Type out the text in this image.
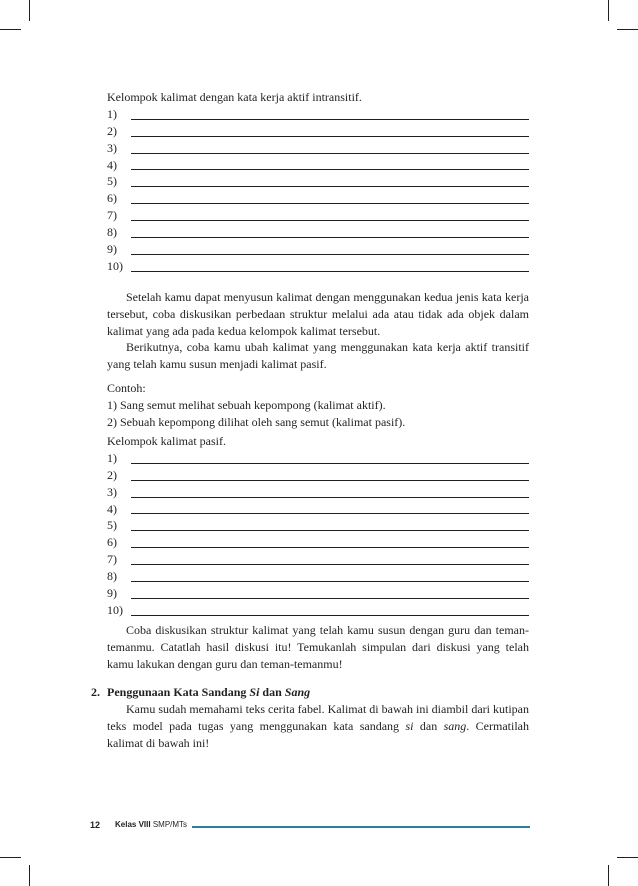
Kelompok kalimat dengan kata kerja aktif intransitif.
1)
2)
3)
4)
5)
6)
7)
8)
9)
10)

Setelah kamu dapat menyusun kalimat dengan menggunakan kedua jenis kata kerja tersebut, coba diskusikan perbedaan struktur melalui ada atau tidak ada objek dalam kalimat yang ada pada kedua kelompok kalimat tersebut.

Berikutnya, coba kamu ubah kalimat yang menggunakan kata kerja aktif transitif yang telah kamu susun menjadi kalimat pasif.

Contoh:
1) Sang semut melihat sebuah kepompong (kalimat aktif).
2) Sebuah kepompong dilihat oleh sang semut (kalimat pasif).
Kelompok kalimat pasif.
1)
2)
3)
4)
5)
6)
7)
8)
9)
10)

Coba diskusikan struktur kalimat yang telah kamu susun dengan guru dan teman-temanmu. Catatlah hasil diskusi itu! Temukanlah simpulan dari diskusi yang telah kamu lakukan dengan guru dan teman-temanmu!

2. Penggunaan Kata Sandang Si dan Sang

Kamu sudah memahami teks cerita fabel. Kalimat di bawah ini diambil dari kutipan teks model pada tugas yang menggunakan kata sandang si dan sang. Cermatilah kalimat di bawah ini!

12 Kelas VIII SMP/MTs
